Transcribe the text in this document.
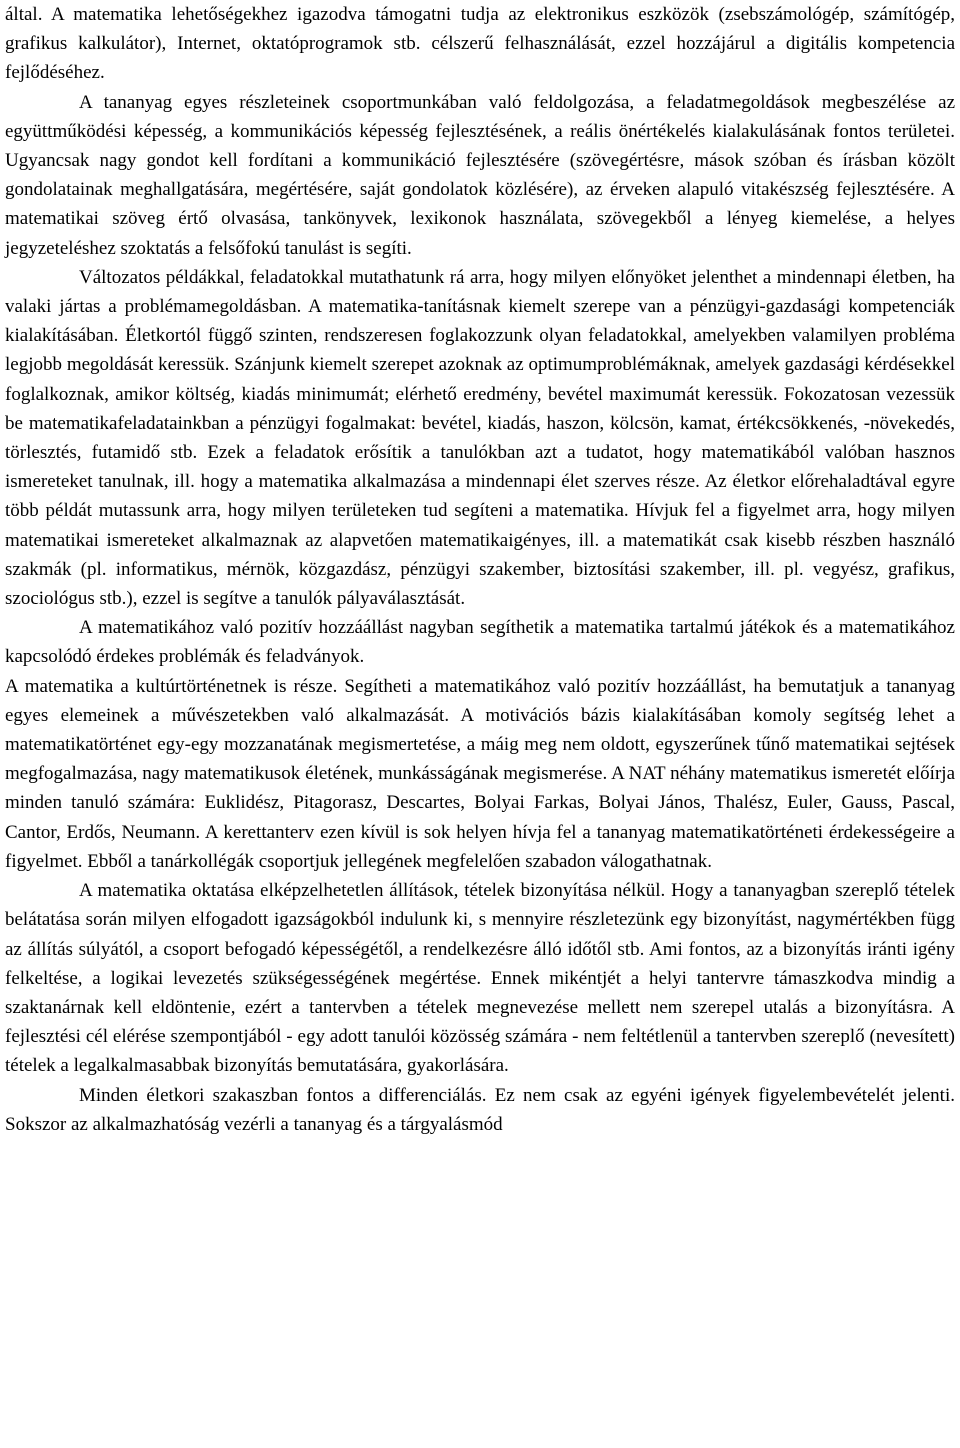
által. A matematika lehetőségekhez igazodva támogatni tudja az elektronikus eszközök (zsebszámológép, számítógép, grafikus kalkulátor), Internet, oktatóprogramok stb. célszerű felhasználását, ezzel hozzájárul a digitális kompetencia fejlődéséhez.

A tananyag egyes részleteinek csoportmunkában való feldolgozása, a feladatmegoldások megbeszélése az együttműködési képesség, a kommunikációs képesség fejlesztésének, a reális önértékelés kialakulásának fontos területei. Ugyancsak nagy gondot kell fordítani a kommunikáció fejlesztésére (szövegértésre, mások szóban és írásban közölt gondolatainak meghallgatására, megértésére, saját gondolatok közlésére), az érveken alapuló vitakészség fejlesztésére. A matematikai szöveg értő olvasása, tankönyvek, lexikonok használata, szövegekből a lényeg kiemelése, a helyes jegyzeteléshez szoktatás a felsőfokú tanulást is segíti.

Változatos példákkal, feladatokkal mutathatunk rá arra, hogy milyen előnyöket jelenthet a mindennapi életben, ha valaki jártas a problémamegoldásban. A matematika-tanításnak kiemelt szerepe van a pénzügyi-gazdasági kompetenciák kialakításában. Életkortól függő szinten, rendszeresen foglakozzunk olyan feladatokkal, amelyekben valamilyen probléma legjobb megoldását keressük. Szánjunk kiemelt szerepet azoknak az optimumproblémáknak, amelyek gazdasági kérdésekkel foglalkoznak, amikor költség, kiadás minimumát; elérhető eredmény, bevétel maximumát keressük. Fokozatosan vezessük be matematikafeladatainkban a pénzügyi fogalmakat: bevétel, kiadás, haszon, kölcsön, kamat, értékcsökkenés, -növekedés, törlesztés, futamidő stb. Ezek a feladatok erősítik a tanulókban azt a tudatot, hogy matematikából valóban hasznos ismereteket tanulnak, ill. hogy a matematika alkalmazása a mindennapi élet szerves része. Az életkor előrehaladtával egyre több példát mutassunk arra, hogy milyen területeken tud segíteni a matematika. Hívjuk fel a figyelmet arra, hogy milyen matematikai ismereteket alkalmaznak az alapvetően matematikaigényes, ill. a matematikát csak kisebb részben használó szakmák (pl. informatikus, mérnök, közgazdász, pénzügyi szakember, biztosítási szakember, ill. pl. vegyész, grafikus, szociológus stb.), ezzel is segítve a tanulók pályaválasztását.

A matematikához való pozitív hozzáállást nagyban segíthetik a matematika tartalmú játékok és a matematikához kapcsolódó érdekes problémák és feladványok.

A matematika a kultúrtörténetnek is része. Segítheti a matematikához való pozitív hozzáállást, ha bemutatjuk a tananyag egyes elemeinek a művészetekben való alkalmazását. A motivációs bázis kialakításában komoly segítség lehet a matematikatörténet egy-egy mozzanatának megismertetése, a máig meg nem oldott, egyszerűnek tűnő matematikai sejtések megfogalmazása, nagy matematikusok életének, munkásságának megismerése. A NAT néhány matematikus ismeretét előírja minden tanuló számára: Euklidész, Pitagorasz, Descartes, Bolyai Farkas, Bolyai János, Thalész, Euler, Gauss, Pascal, Cantor, Erdős, Neumann. A kerettanterv ezen kívül is sok helyen hívja fel a tananyag matematikatörténeti érdekességeire a figyelmet. Ebből a tanárkollégák csoportjuk jellegének megfelelően szabadon válogathatnak.

A matematika oktatása elképzelhetetlen állítások, tételek bizonyítása nélkül. Hogy a tananyagban szereplő tételek belátatása során milyen elfogadott igazságokból indulunk ki, s mennyire részletezünk egy bizonyítást, nagymértékben függ az állítás súlyától, a csoport befogadó képességétől, a rendelkezésre álló időtől stb. Ami fontos, az a bizonyítás iránti igény felkeltése, a logikai levezetés szükségességének megértése. Ennek mikéntjét a helyi tantervre támaszkodva mindig a szaktanárnak kell eldöntenie, ezért a tantervben a tételek megnevezése mellett nem szerepel utalás a bizonyításra. A fejlesztési cél elérése szempontjából - egy adott tanulói közösség számára - nem feltétlenül a tantervben szereplő (nevesített) tételek a legalkalmasabbak bizonyítás bemutatására, gyakorlására.

Minden életkori szakaszban fontos a differenciálás. Ez nem csak az egyéni igények figyelembevételét jelenti. Sokszor az alkalmazhatóság vezérli a tananyag és a tárgyalásmód
